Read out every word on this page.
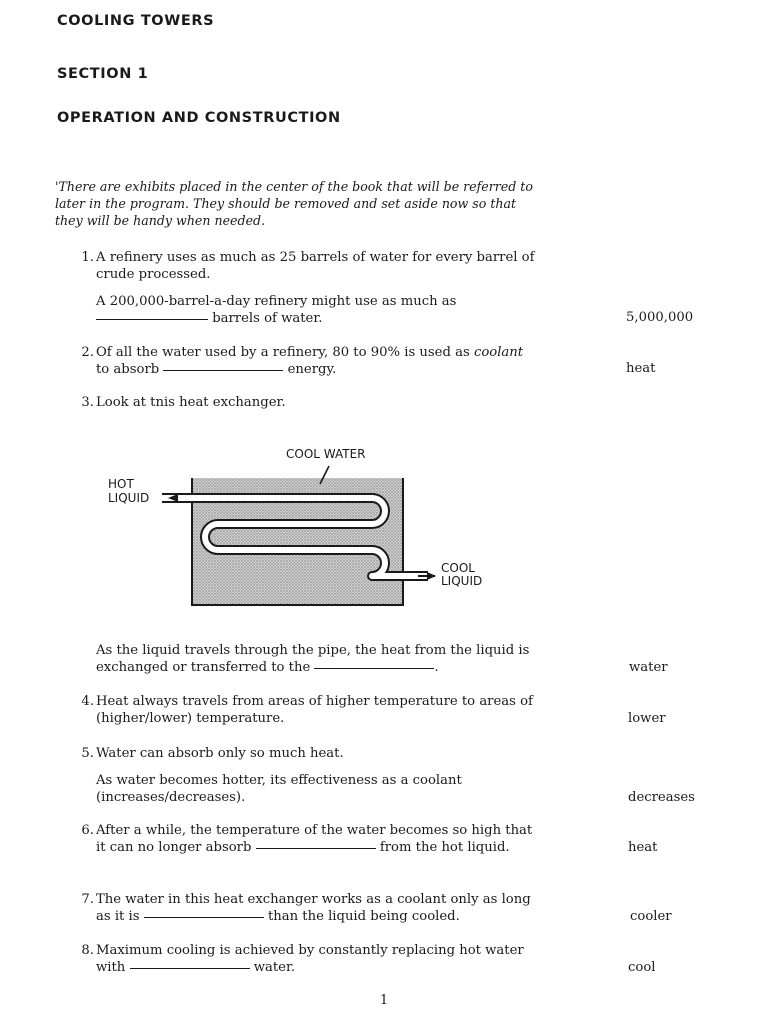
COOLING TOWERS
SECTION 1
OPERATION AND CONSTRUCTION

'There are exhibits placed in the center of the book that will be referred to later in the program. They should be removed and set aside now so that they will be handy when needed.

1. A refinery uses as much as 25 barrels of water for every barrel of crude processed.
A 200,000-barrel-a-day refinery might use as much as
barrels of water.	5,000,000

2. Of all the water used by a refinery, 80 to 90% is used as coolant to absorb	energy.	heat

3. Look at tnis heat exchanger.
COOL WATER
HOT
LIQUID
COOL
LIQUID
As the liquid travels through the pipe, the heat from the liquid is exchanged or transferred to the	.	water

4. Heat always travels from areas of higher temperature to areas of (higher/lower) temperature.	lower

5. Water can absorb only so much heat.
As water becomes hotter, its effectiveness as a coolant (increases/decreases).	decreases

6. After a while, the temperature of the water becomes so high that it can no longer absorb	from the hot liquid.	heat

7. The water in this heat exchanger works as a coolant only as long as it is	than the liquid being cooled.	cooler

8. Maximum cooling is achieved by constantly replacing hot water with	water.	cool

1
